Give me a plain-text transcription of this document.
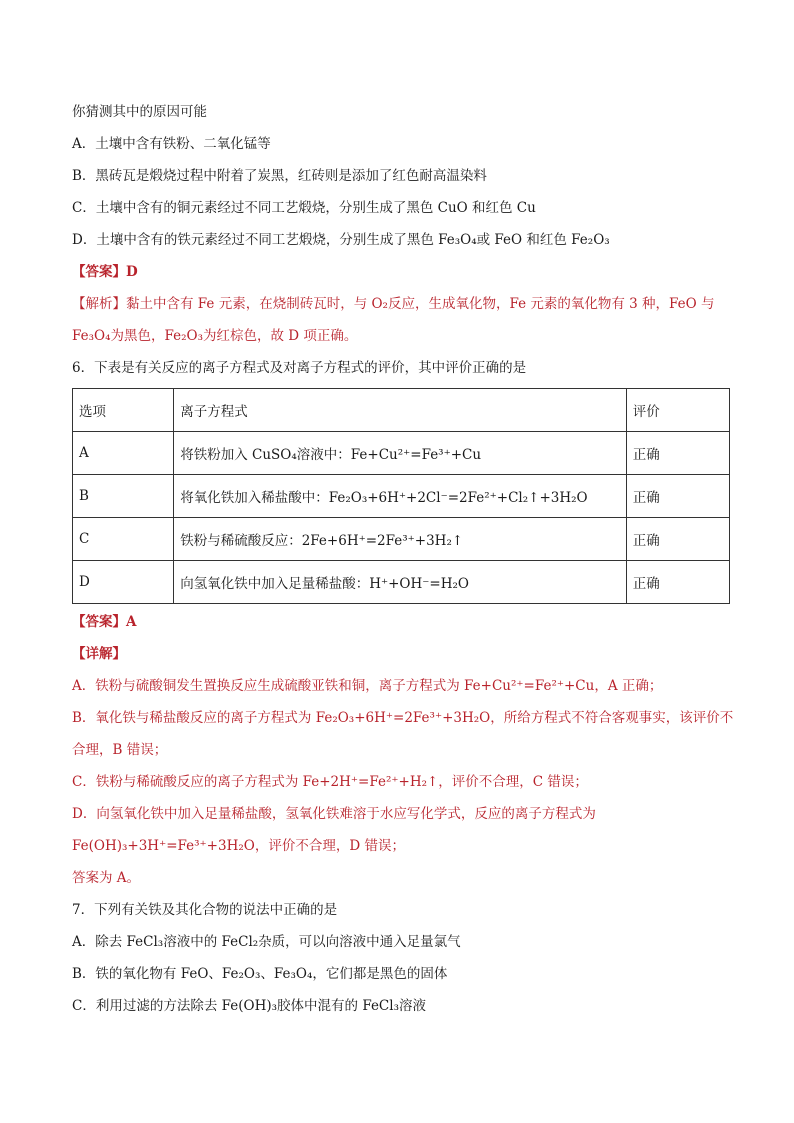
你猜测其中的原因可能
A．土壤中含有铁粉、二氧化锰等
B．黑砖瓦是煅烧过程中附着了炭黑，红砖则是添加了红色耐高温染料
C．土壤中含有的铜元素经过不同工艺煅烧，分别生成了黑色 CuO 和红色 Cu
D．土壤中含有的铁元素经过不同工艺煅烧，分别生成了黑色 Fe₃O₄或 FeO 和红色 Fe₂O₃
【答案】D
【解析】黏土中含有 Fe 元素，在烧制砖瓦时，与 O₂反应，生成氧化物，Fe 元素的氧化物有 3 种，FeO 与
Fe₃O₄为黑色，Fe₂O₃为红棕色，故 D 项正确。
6．下表是有关反应的离子方程式及对离子方程式的评价，其中评价正确的是
选项	离子方程式	评价
A	将铁粉加入 CuSO₄溶液中：Fe+Cu²⁺=Fe³⁺+Cu	正确
B	将氧化铁加入稀盐酸中：Fe₂O₃+6H⁺+2Cl⁻=2Fe²⁺+Cl₂↑+3H₂O	正确
C	铁粉与稀硫酸反应：2Fe+6H⁺=2Fe³⁺+3H₂↑	正确
D	向氢氧化铁中加入足量稀盐酸：H⁺+OH⁻=H₂O	正确
【答案】A
【详解】
A．铁粉与硫酸铜发生置换反应生成硫酸亚铁和铜，离子方程式为 Fe+Cu²⁺=Fe²⁺+Cu，A 正确；
B．氧化铁与稀盐酸反应的离子方程式为 Fe₂O₃+6H⁺=2Fe³⁺+3H₂O，所给方程式不符合客观事实，该评价不
合理，B 错误；
C．铁粉与稀硫酸反应的离子方程式为 Fe+2H⁺=Fe²⁺+H₂↑，评价不合理，C 错误；
D．向氢氧化铁中加入足量稀盐酸，氢氧化铁难溶于水应写化学式，反应的离子方程式为
Fe(OH)₃+3H⁺=Fe³⁺+3H₂O，评价不合理，D 错误；
答案为 A。
7．下列有关铁及其化合物的说法中正确的是
A．除去 FeCl₃溶液中的 FeCl₂杂质，可以向溶液中通入足量氯气
B．铁的氧化物有 FeO、Fe₂O₃、Fe₃O₄，它们都是黑色的固体
C．利用过滤的方法除去 Fe(OH)₃胶体中混有的 FeCl₃溶液
